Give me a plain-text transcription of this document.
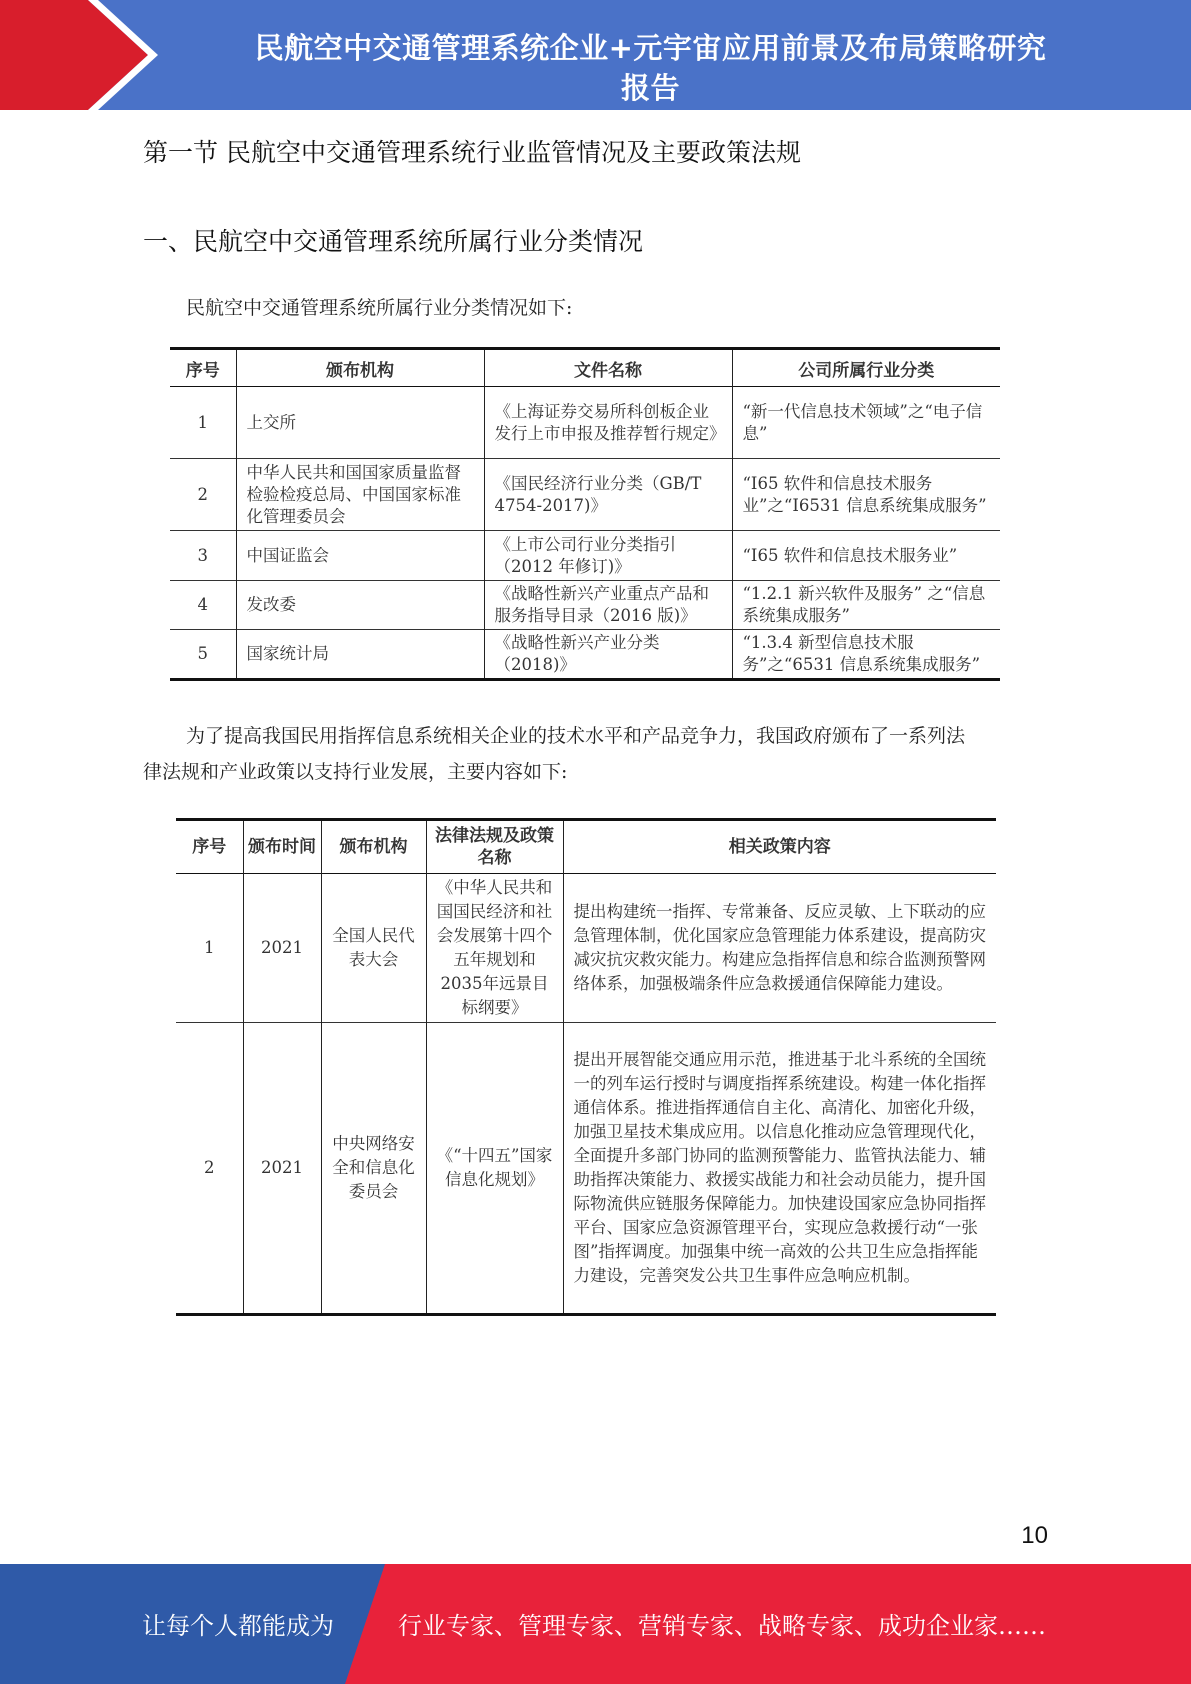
民航空中交通管理系统企业+元宇宙应用前景及布局策略研究
报告
第一节 民航空中交通管理系统行业监管情况及主要政策法规
一、民航空中交通管理系统所属行业分类情况
民航空中交通管理系统所属行业分类情况如下:
序号	颁布机构	文件名称	公司所属行业分类
1	上交所	《上海证券交易所科创板企业发行上市申报及推荐暂行规定》	“新一代信息技术领域”之“电子信息”
2	中华人民共和国国家质量监督检验检疫总局、中国国家标准化管理委员会	《国民经济行业分类（GB/T 4754-2017)》	“I65 软件和信息技术服务业”之“I6531 信息系统集成服务”
3	中国证监会	《上市公司行业分类指引（2012 年修订)》	“I65 软件和信息技术服务业”
4	发改委	《战略性新兴产业重点产品和服务指导目录（2016 版)》	“1.2.1 新兴软件及服务” 之“信息系统集成服务”
5	国家统计局	《战略性新兴产业分类（2018)》	“1.3.4 新型信息技术服务”之“6531 信息系统集成服务”
为了提高我国民用指挥信息系统相关企业的技术水平和产品竞争力，我国政府颁布了一系列法
律法规和产业政策以支持行业发展，主要内容如下:
序号	颁布时间	颁布机构	法律法规及政策名称	相关政策内容
1	2021	全国人民代表大会	《中华人民共和国国民经济和社会发展第十四个五年规划和2035年远景目标纲要》	提出构建统一指挥、专常兼备、反应灵敏、上下联动的应急管理体制，优化国家应急管理能力体系建设，提高防灾减灾抗灾救灾能力。构建应急指挥信息和综合监测预警网络体系，加强极端条件应急救援通信保障能力建设。
2	2021	中央网络安全和信息化委员会	《“十四五”国家信息化规划》	提出开展智能交通应用示范，推进基于北斗系统的全国统一的列车运行授时与调度指挥系统建设。构建一体化指挥通信体系。推进指挥通信自主化、高清化、加密化升级，加强卫星技术集成应用。以信息化推动应急管理现代化，全面提升多部门协同的监测预警能力、监管执法能力、辅助指挥决策能力、救援实战能力和社会动员能力，提升国际物流供应链服务保障能力。加快建设国家应急协同指挥平台、国家应急资源管理平台，实现应急救援行动“一张图”指挥调度。加强集中统一高效的公共卫生应急指挥能力建设，完善突发公共卫生事件应急响应机制。
10
让每个人都能成为	行业专家、管理专家、营销专家、战略专家、成功企业家……
